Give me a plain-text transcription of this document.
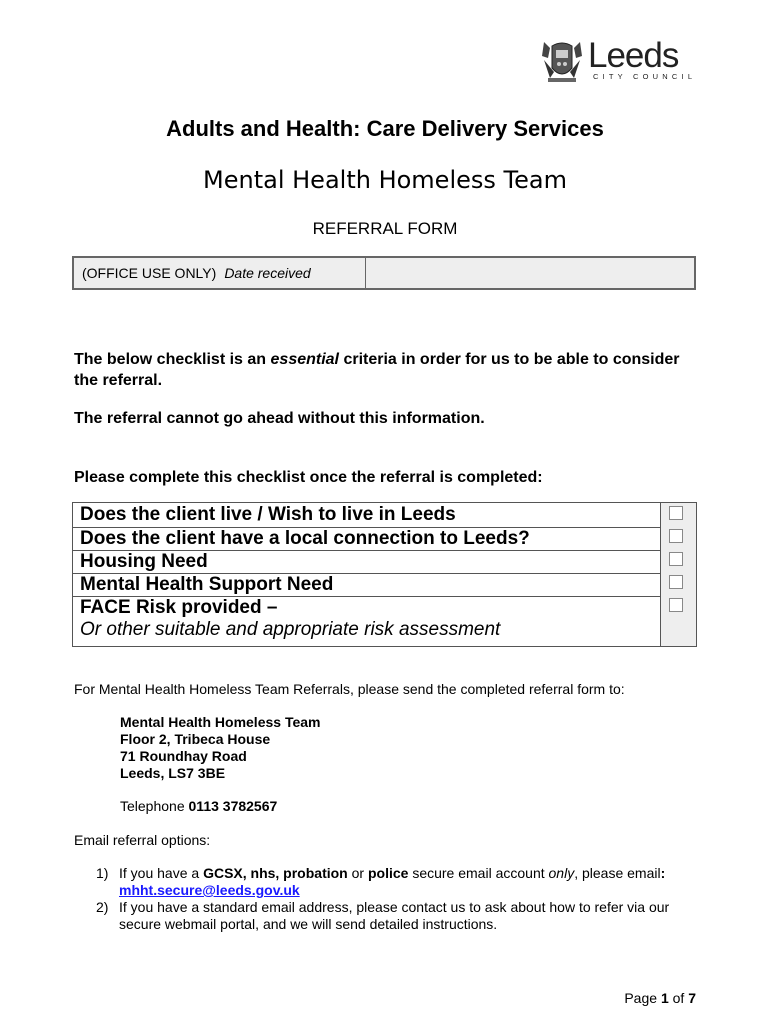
Leeds
CITY COUNCIL
Adults and Health: Care Delivery Services
Mental Health Homeless Team
REFERRAL FORM
(OFFICE USE ONLY) Date received
The below checklist is an essential criteria in order for us to be able to consider the referral.
The referral cannot go ahead without this information.
Please complete this checklist once the referral is completed:
Does the client live / Wish to live in Leeds
Does the client have a local connection to Leeds?
Housing Need
Mental Health Support Need
FACE Risk provided –
Or other suitable and appropriate risk assessment
For Mental Health Homeless Team Referrals, please send the completed referral form to:
Mental Health Homeless Team
Floor 2, Tribeca House
71 Roundhay Road
Leeds, LS7 3BE
Telephone 0113 3782567
Email referral options:
1) If you have a GCSX, nhs, probation or police secure email account only, please email: mhht.secure@leeds.gov.uk
2) If you have a standard email address, please contact us to ask about how to refer via our secure webmail portal, and we will send detailed instructions.
Page 1 of 7
